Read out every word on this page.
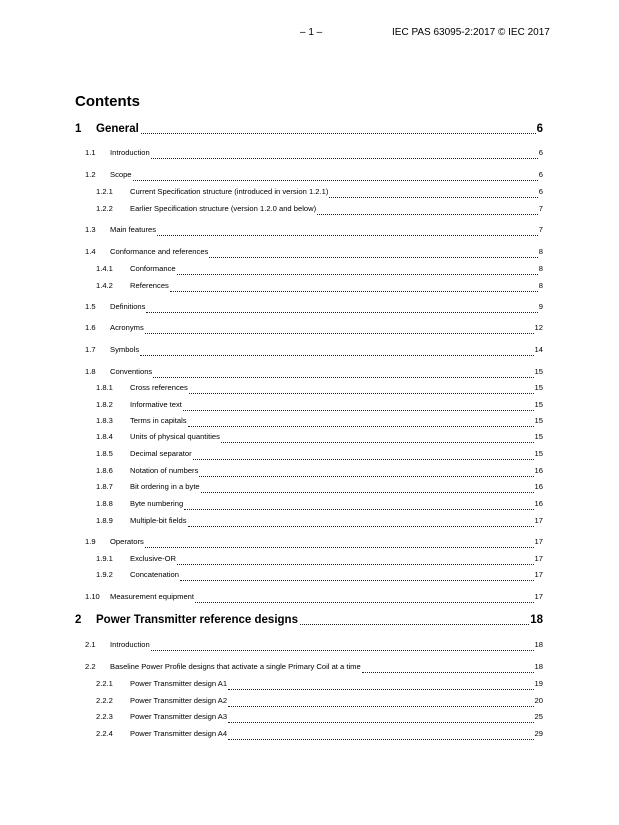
– 1 –	IEC PAS 63095-2:2017 © IEC 2017
Contents
1 General	6
1.1 Introduction	6
1.2 Scope	6
1.2.1 Current Specification structure (introduced in version 1.2.1)	6
1.2.2 Earlier Specification structure (version 1.2.0 and below)	7
1.3 Main features	7
1.4 Conformance and references	8
1.4.1 Conformance	8
1.4.2 References	8
1.5 Definitions	9
1.6 Acronyms	12
1.7 Symbols	14
1.8 Conventions	15
1.8.1 Cross references	15
1.8.2 Informative text	15
1.8.3 Terms in capitals	15
1.8.4 Units of physical quantities	15
1.8.5 Decimal separator	15
1.8.6 Notation of numbers	16
1.8.7 Bit ordering in a byte	16
1.8.8 Byte numbering	16
1.8.9 Multiple-bit fields	17
1.9 Operators	17
1.9.1 Exclusive-OR	17
1.9.2 Concatenation	17
1.10 Measurement equipment	17
2 Power Transmitter reference designs	18
2.1 Introduction	18
2.2 Baseline Power Profile designs that activate a single Primary Coil at a time	18
2.2.1 Power Transmitter design A1	19
2.2.2 Power Transmitter design A2	20
2.2.3 Power Transmitter design A3	25
2.2.4 Power Transmitter design A4	29
